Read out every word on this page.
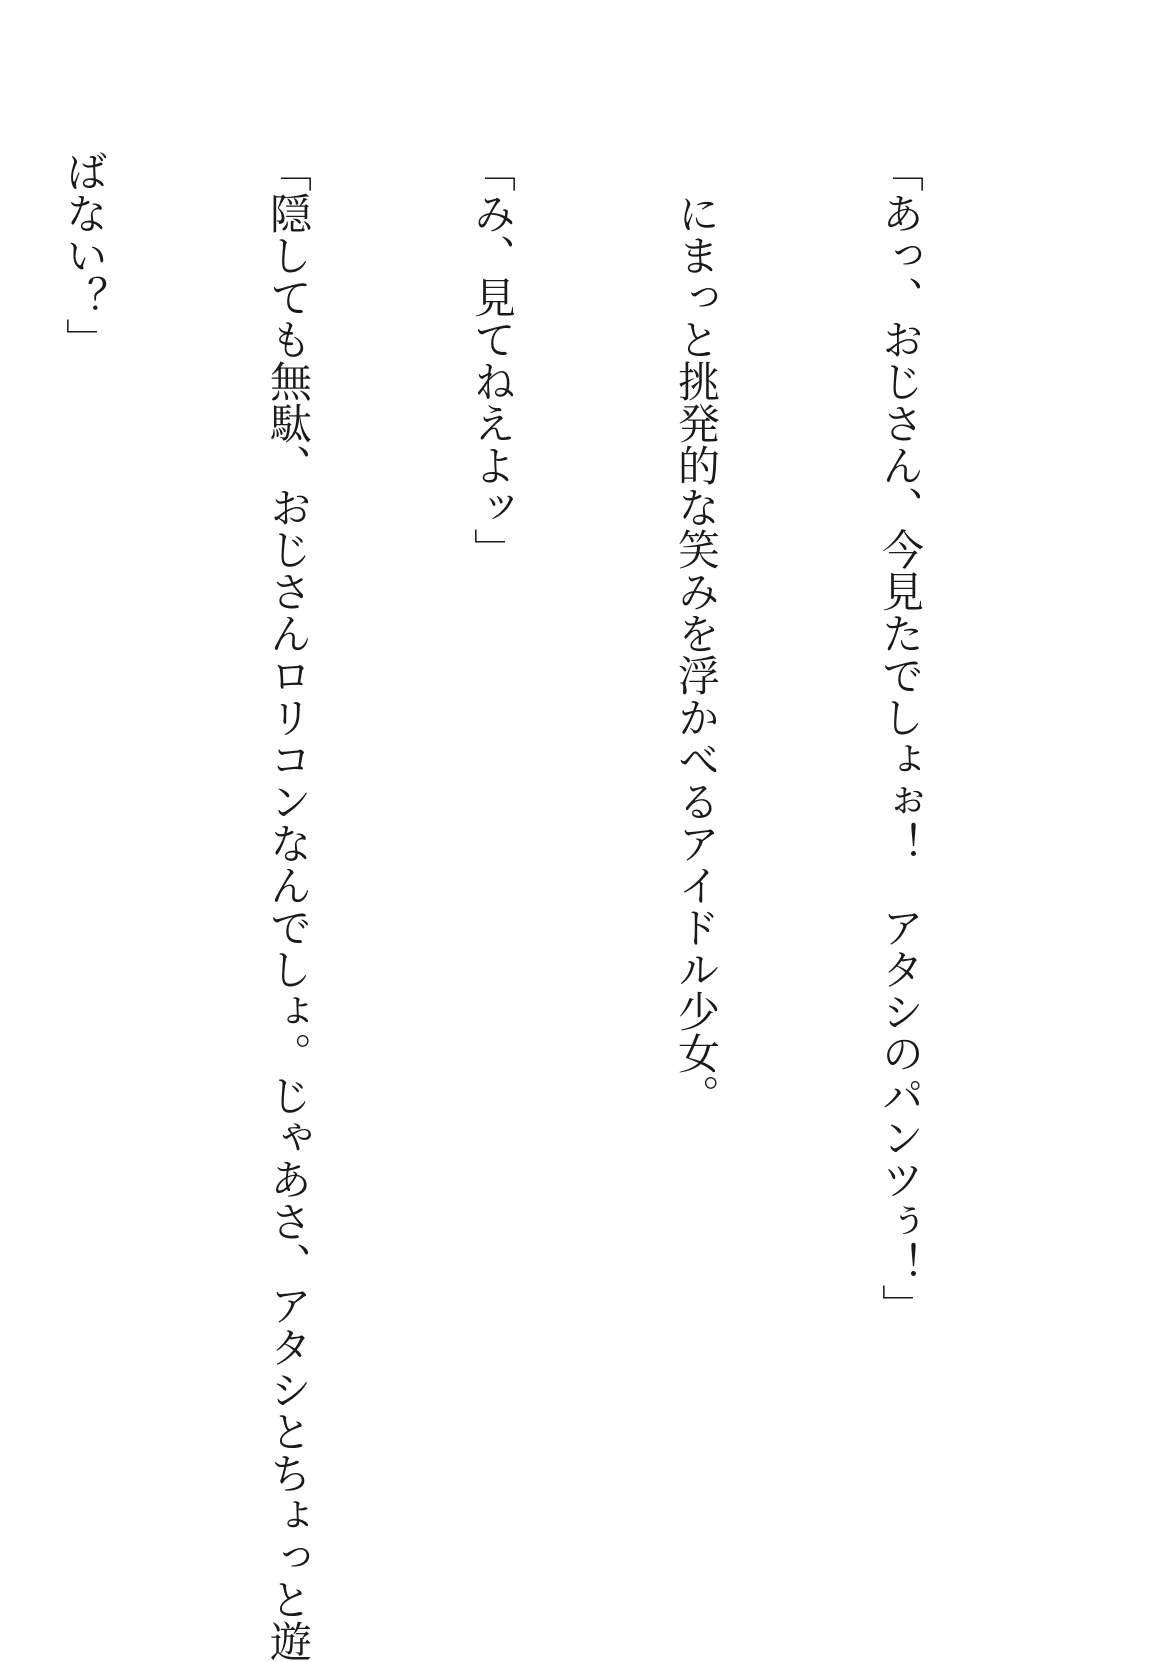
「あっ、おじさん、今見たでしょぉ！　アタシのパンツぅ！」

　にまっと挑発的な笑みを浮かべるアイドル少女。

「み、見てねえよッ」

「隠しても無駄、おじさんロリコンなんでしょ。じゃあさ、アタシとちょっと遊

ばない？」
